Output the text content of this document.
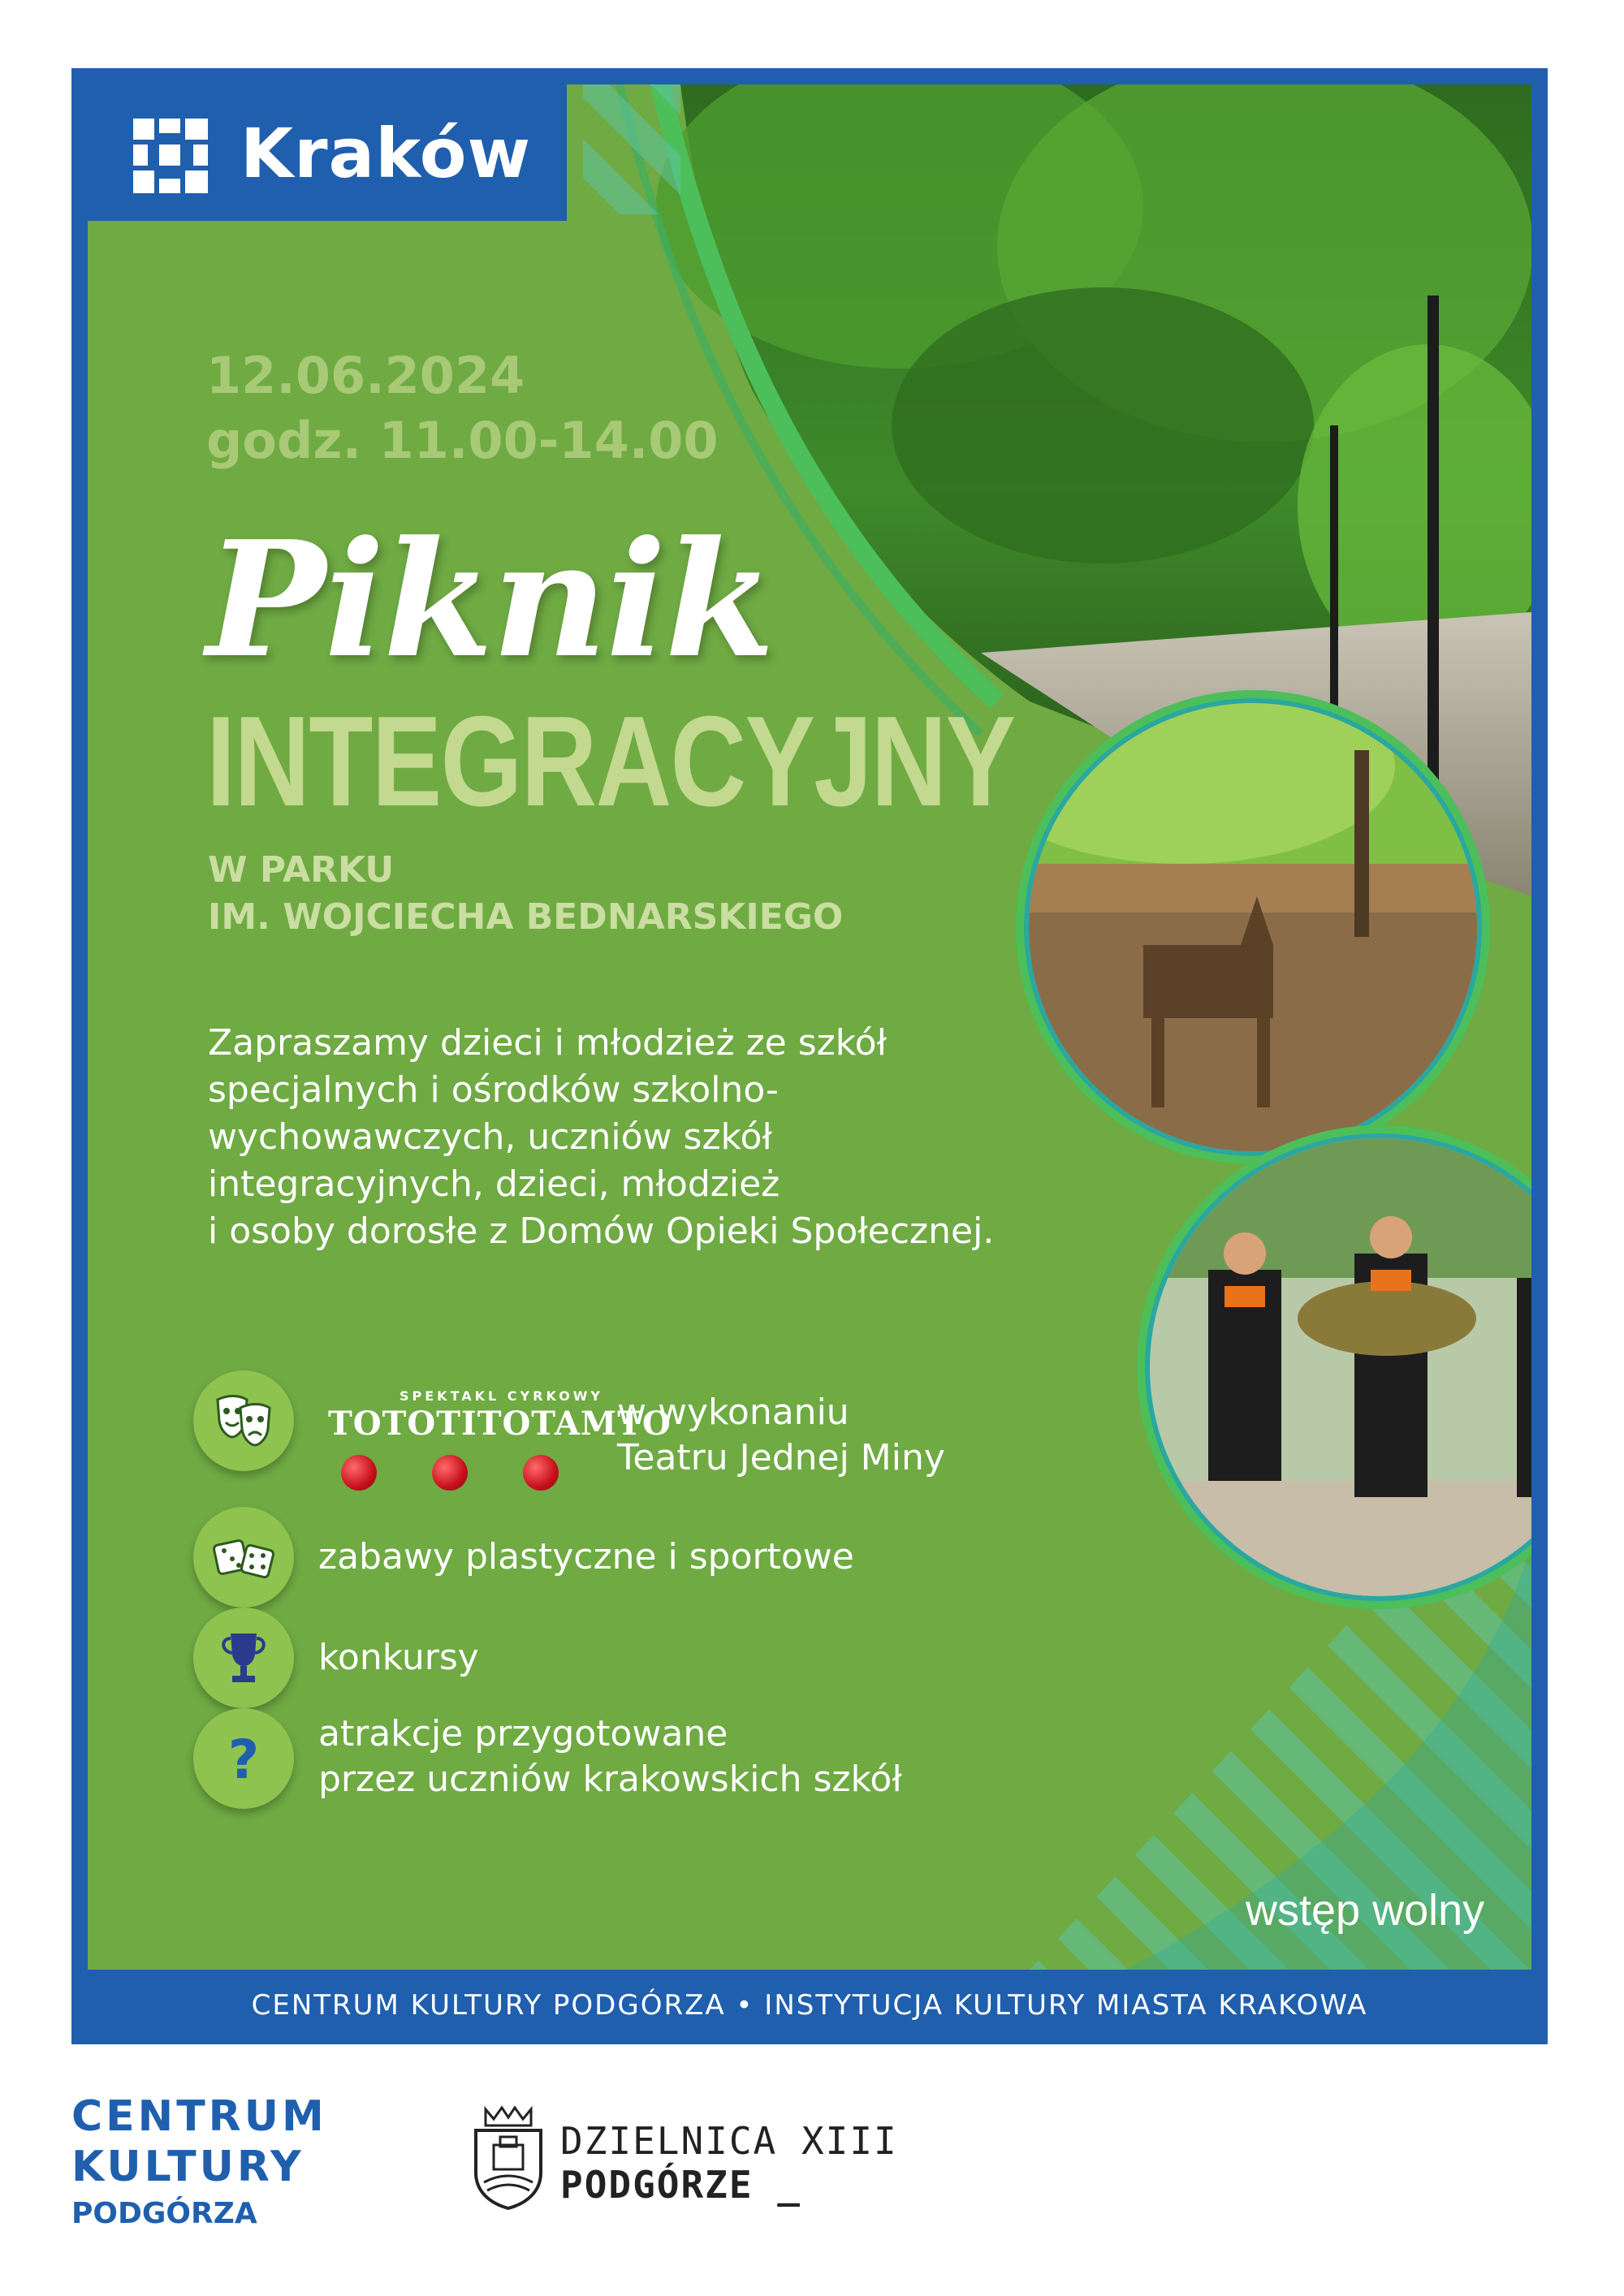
Kraków
12.06.2024
godz. 11.00-14.00
Piknik
INTEGRACYJNY
W PARKU
IM. WOJCIECHA BEDNARSKIEGO
Zapraszamy dzieci i młodzież ze szkół
specjalnych i ośrodków szkolno-
wychowawczych, uczniów szkół
integracyjnych, dzieci, młodzież
i osoby dorosłe z Domów Opieki Społecznej.
SPEKTAKL CYRKOWY
TOTOTITOTAMTO
w wykonaniu
Teatru Jednej Miny
zabawy plastyczne i sportowe
konkursy
? atrakcje przygotowane
przez uczniów krakowskich szkół
wstęp wolny
CENTRUM KULTURY PODGÓRZA • INSTYTUCJA KULTURY MIASTA KRAKOWA
CENTRUM
KULTURY
PODGÓRZA
DZIELNICA XIII
PODGÓRZE _
